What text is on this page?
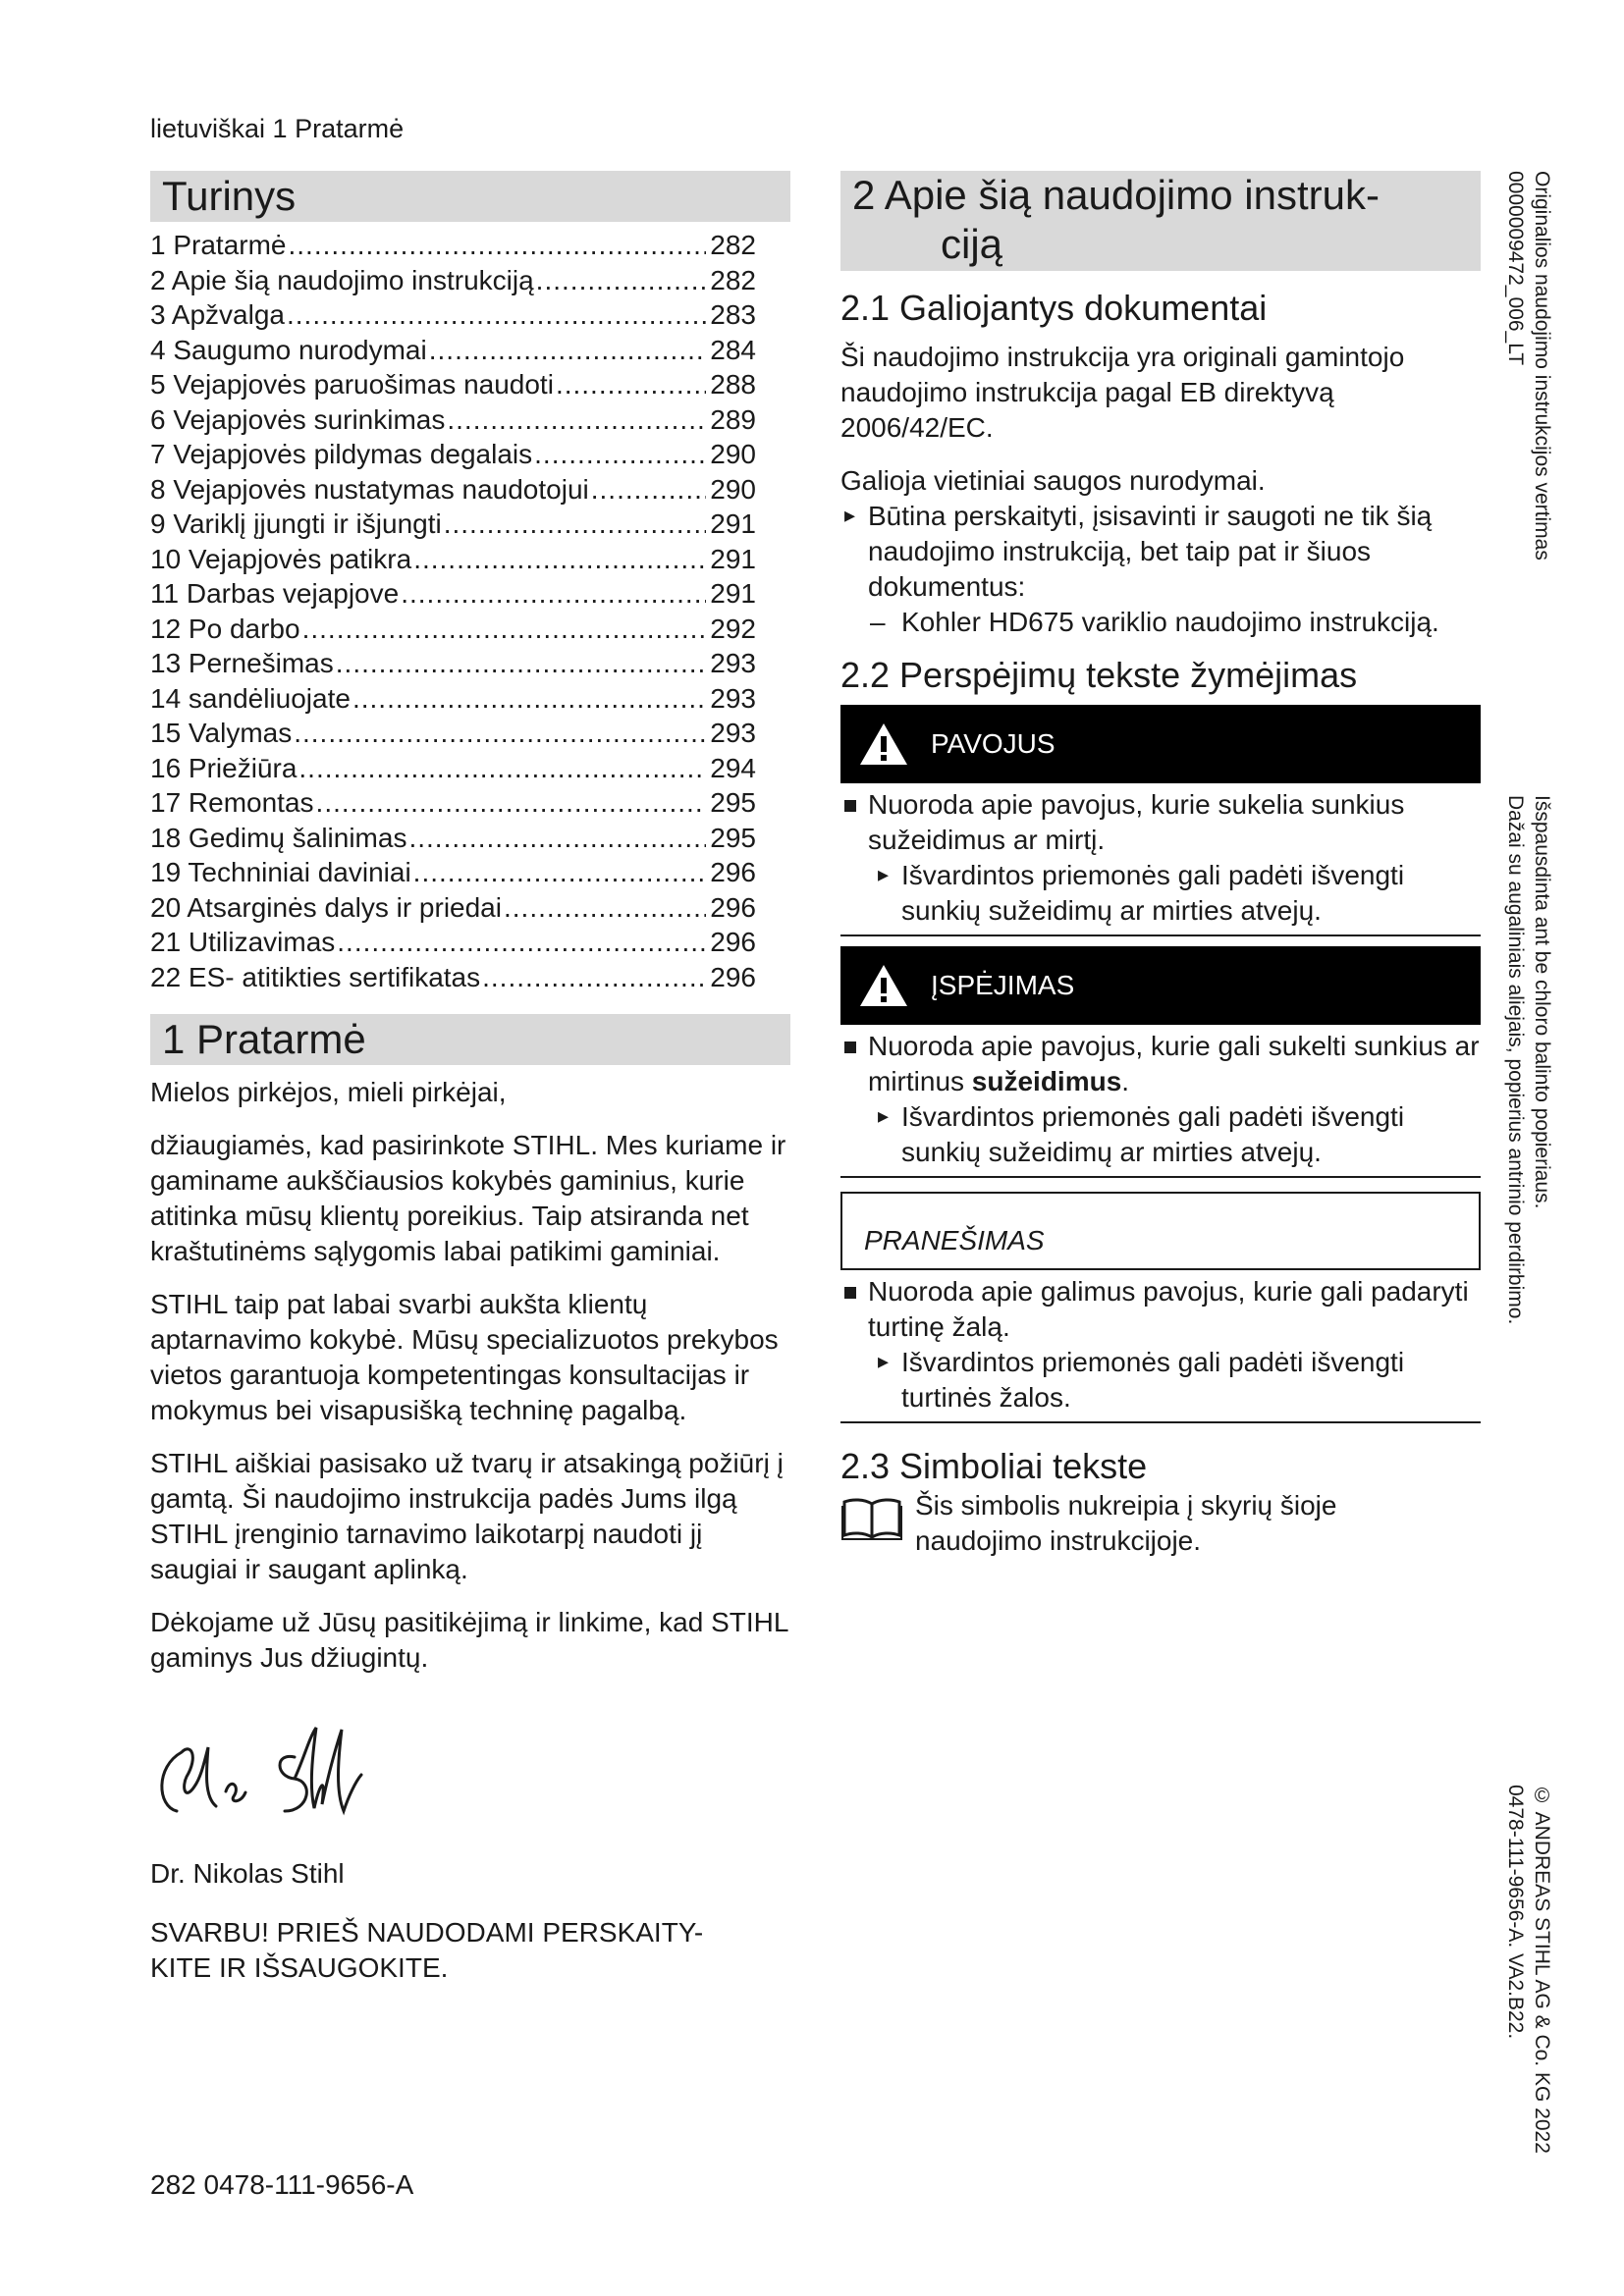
lietuviškai 1 Pratarmė
Turinys
1 Pratarmė .....	282
2 Apie šią naudojimo instrukciją .....	282
3 Apžvalga .....	283
4 Saugumo nurodymai .....	284
5 Vejapjovės paruošimas naudoti .....	288
6 Vejapjovės surinkimas .....	289
7 Vejapjovės pildymas degalais .....	290
8 Vejapjovės nustatymas naudotojui .....	290
9 Variklį įjungti ir išjungti .....	291
10 Vejapjovės patikra .....	291
11 Darbas vejapjove .....	291
12 Po darbo .....	292
13 Pernešimas .....	293
14 sandėliuojate .....	293
15 Valymas .....	293
16 Priežiūra .....	294
17 Remontas .....	295
18 Gedimų šalinimas .....	295
19 Techniniai daviniai .....	296
20 Atsarginės dalys ir priedai .....	296
21 Utilizavimas .....	296
22 ES- atitikties sertifikatas .....	296
1 Pratarmė

Mielos pirkėjos, mieli pirkėjai,

džiaugiamės, kad pasirinkote STIHL. Mes kuriame ir gaminame aukščiausios kokybės gaminius, kurie atitinka mūsų klientų poreikius. Taip atsiranda net kraštutinėms sąlygomis labai patikimi gaminiai.

STIHL taip pat labai svarbi aukšta klientų aptarnavimo kokybė. Mūsų specializuotos prekybos vietos garantuoja kompetentingas konsultacijas ir mokymus bei visapusišką techninę pagalbą.

STIHL aiškiai pasisako už tvarų ir atsakingą požiūrį į gamtą. Ši naudojimo instrukcija padės Jums ilgą STIHL įrenginio tarnavimo laikotarpį naudoti jį saugiai ir saugant aplinką.

Dėkojame už Jūsų pasitikėjimą ir linkime, kad STIHL gaminys Jus džiugintų.

Dr. Nikolas Stihl

SVARBU! PRIEŠ NAUDODAMI PERSKAITY-
KITE IR IŠSAUGOKITE.
2 Apie šią naudojimo instruk-
ciją
2.1 Galiojantys dokumentai

Ši naudojimo instrukcija yra originali gamintojo naudojimo instrukcija pagal EB direktyvą 2006/42/EC.

Galioja vietiniai saugos nurodymai.

▸ Būtina perskaityti, įsisavinti ir saugoti ne tik šią naudojimo instrukciją, bet taip pat ir šiuos dokumentus:
– Kohler HD675 variklio naudojimo instrukciją.
2.2 Perspėjimų tekste žymėjimas
PAVOJUS
Nuoroda apie pavojus, kurie sukelia sunkius sužeidimus ar mirtį.
▸ Išvardintos priemonės gali padėti išvengti sunkių sužeidimų ar mirties atvejų.
ĮSPĖJIMAS
Nuoroda apie pavojus, kurie gali sukelti sunkius ar mirtinus sužeidimus.
▸ Išvardintos priemonės gali padėti išvengti sunkių sužeidimų ar mirties atvejų.
PRANEŠIMAS
Nuoroda apie galimus pavojus, kurie gali padaryti turtinę žalą.
▸ Išvardintos priemonės gali padėti išvengti turtinės žalos.
2.3 Simboliai tekste

Šis simbolis nukreipia į skyrių šioje naudojimo instrukcijoje.

Originalios naudojimo instrukcijos vertimas
0000009472_006_LT
Išspausdinta ant be chloro balinto popieriaus.
Dažai su augaliniais aliejais, popierius antrinio perdirbimo.
© ANDREAS STIHL AG & Co. KG 2022
0478-111-9656-A. VA2.B22.
282 0478-111-9656-A
